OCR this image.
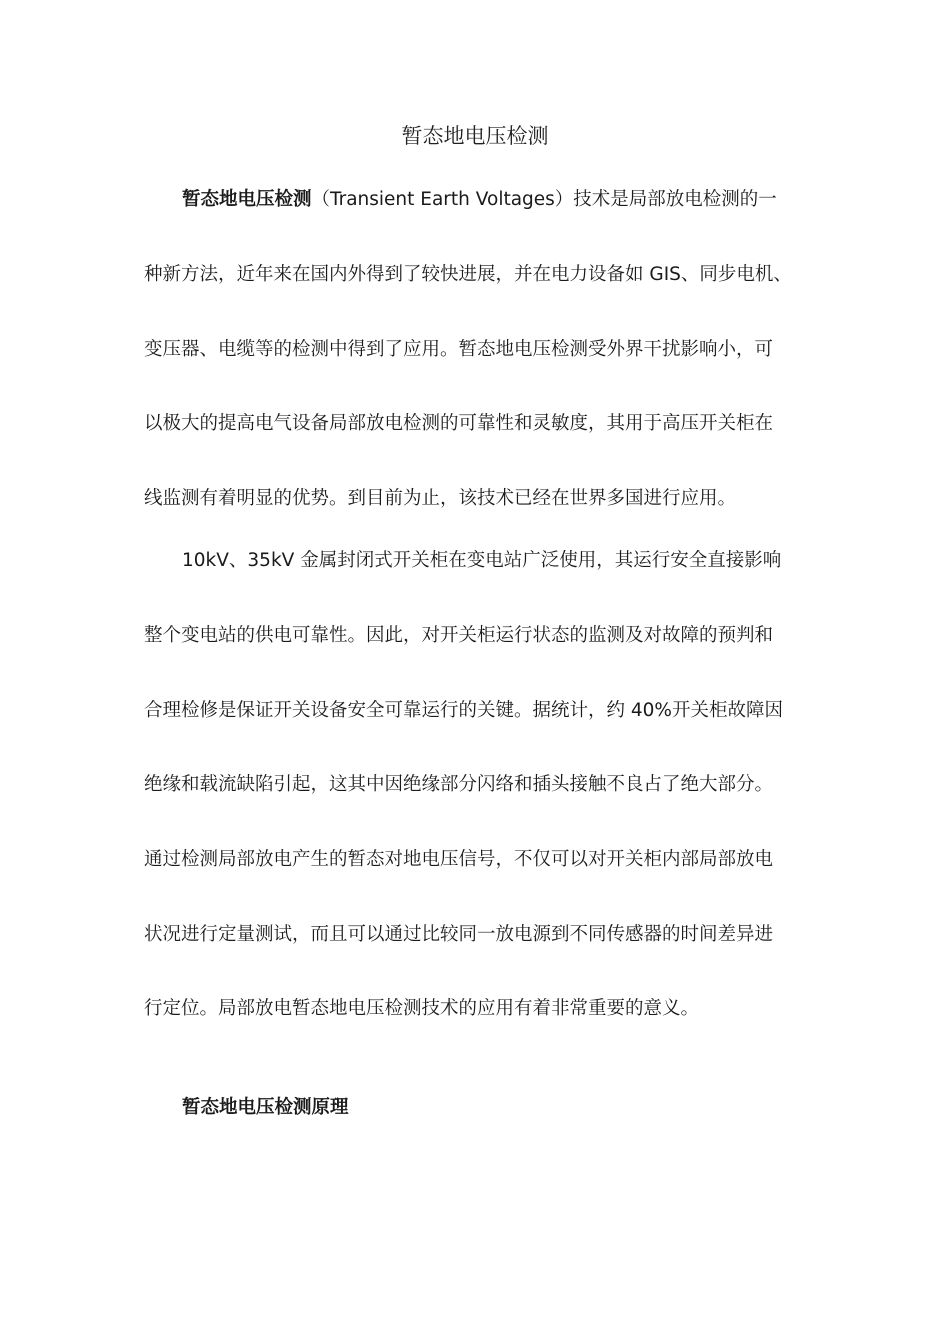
暂态地电压检测
暂态地电压检测（Transient Earth Voltages）技术是局部放电检测的一
种新方法，近年来在国内外得到了较快进展，并在电力设备如 GIS、同步电机、
变压器、电缆等的检测中得到了应用。暂态地电压检测受外界干扰影响小，可
以极大的提高电气设备局部放电检测的可靠性和灵敏度，其用于高压开关柜在
线监测有着明显的优势。到目前为止，该技术已经在世界多国进行应用。
10kV、35kV 金属封闭式开关柜在变电站广泛使用，其运行安全直接影响
整个变电站的供电可靠性。因此，对开关柜运行状态的监测及对故障的预判和
合理检修是保证开关设备安全可靠运行的关键。据统计，约 40%开关柜故障因
绝缘和载流缺陷引起，这其中因绝缘部分闪络和插头接触不良占了绝大部分。
通过检测局部放电产生的暂态对地电压信号，不仅可以对开关柜内部局部放电
状况进行定量测试，而且可以通过比较同一放电源到不同传感器的时间差异进
行定位。局部放电暂态地电压检测技术的应用有着非常重要的意义。
暂态地电压检测原理
